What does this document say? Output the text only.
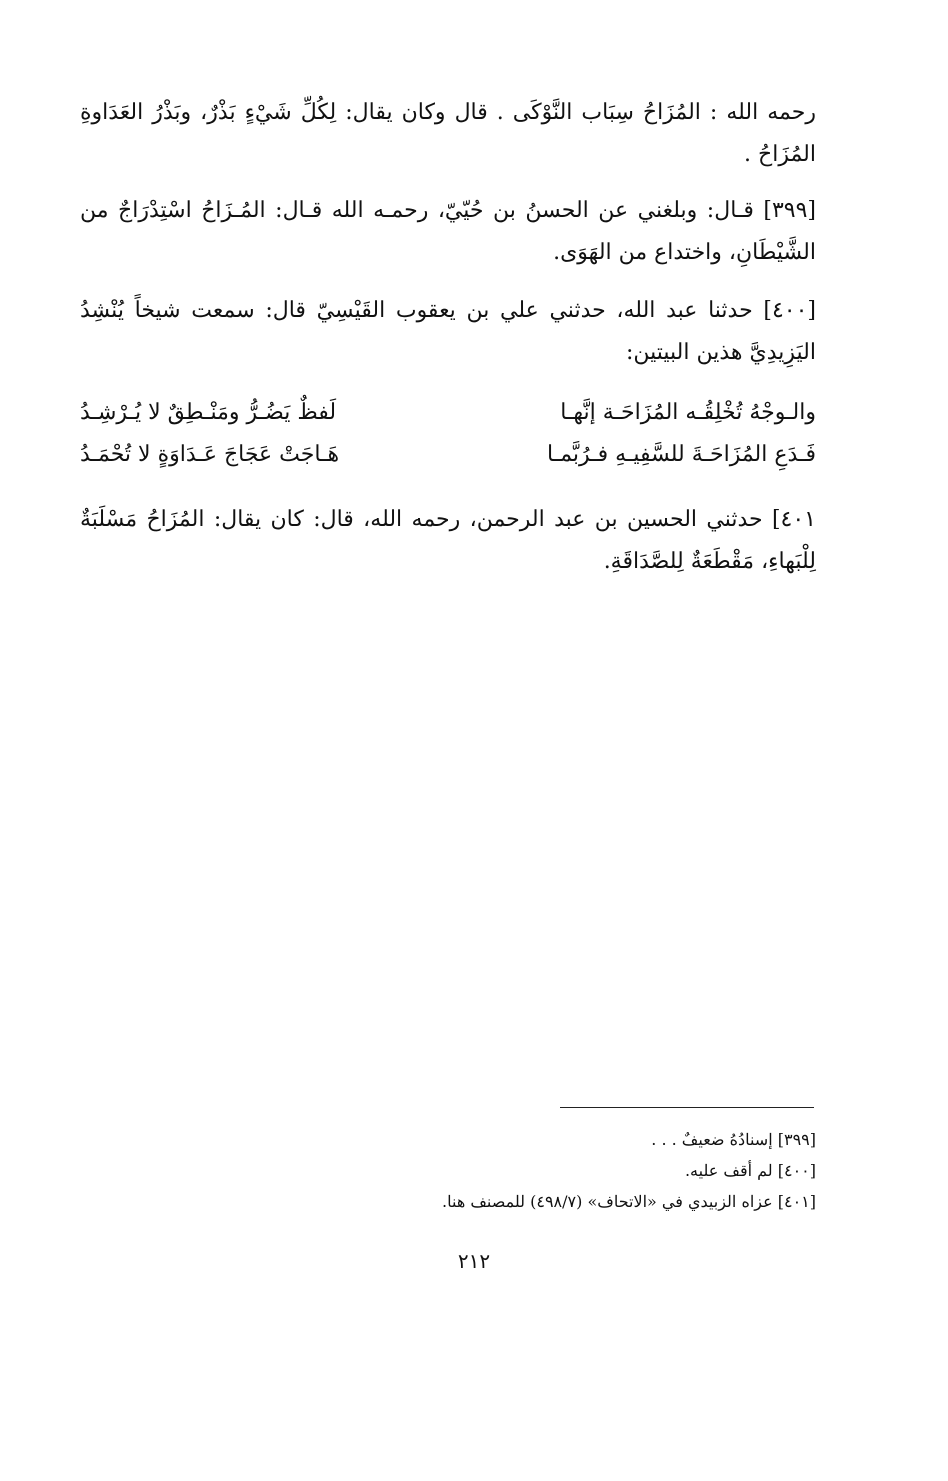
رحمه الله : المُزَاحُ سِبَاب النَّوْكَى . قال وكان يقال: لِكُلِّ شَيْءٍ بَذْرٌ، وبَذْرُ العَدَاوةِ المُزَاحُ .

[٣٩٩] قـال: وبلغني عن الحسنُ بن حُيّيّ، رحمـه الله قـال: المُـزَاحُ اسْتِدْرَاجٌ من الشَّيْطَانِ، واختداع من الهَوَى.

[٤٠٠] حدثنا عبد الله، حدثني علي بن يعقوب القَيْسِيّ قال: سمعت شيخاً يُنْشِدُ اليَزِيدِيَّ هذين البيتين:

والـوجْهُ تُخْلِقُـه المُزَاحَـة إنَّهـا
لَفظٌ يَضُـرُّ ومَنْـطِقٌ لا يُـرْشِـدُ
فَـدَعِ المُزَاحَـةَ للسَّفِيـهِ فـرُبَّمـا
هَـاجَتْ عَجَاجَ عَـدَاوَةٍ لا تُحْمَـدُ

٤٠١] حدثني الحسين بن عبد الرحمن، رحمه الله، قال: كان يقال: المُزَاحُ مَسْلَبَةٌ لِلْبَهاءِ، مَقْطَعَةٌ لِلصَّدَاقَةِ.

[٣٩٩] إسنادُهُ ضعيفٌ . . .
[٤٠٠] لم أقف عليه.
[٤٠١] عزاه الزبيدي في «الاتحاف» (٤٩٨/٧) للمصنف هنا.
٢١٢
